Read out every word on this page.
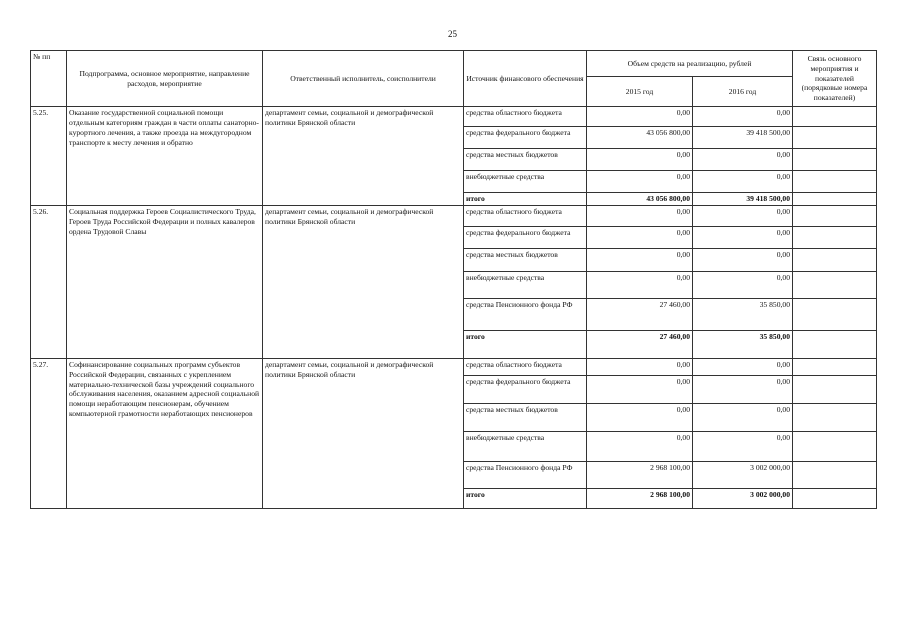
25
№ пп	Подпрограмма, основное мероприятие, направление расходов, мероприятие	Ответственный исполнитель, соисполнители	Источник финансового обеспечения	Объем средств на реализацию, рублей		Связь основного мероприятия и показателей (порядковые номера показателей)
				2015 год	2016 год	
5.25.	Оказание государственной социальной помощи отдельным категориям граждан в части оплаты санаторно-курортного лечения, а также проезда на междугородном транспорте к месту лечения и обратно	департамент семьи, социальной и демографической политики Брянской области	средства областного бюджета	0,00	0,00	
			средства федерального бюджета	43 056 800,00	39 418 500,00	
			средства местных бюджетов	0,00	0,00	
			внебюджетные средства	0,00	0,00	
			итого	43 056 800,00	39 418 500,00	
5.26.	Социальная поддержка Героев Социалистического Труда, Героев Труда Российской Федерации и полных кавалеров ордена Трудовой Славы	департамент семьи, социальной и демографической политики Брянской области	средства областного бюджета	0,00	0,00	
			средства федерального бюджета	0,00	0,00	
			средства местных бюджетов	0,00	0,00	
			внебюджетные средства	0,00	0,00	
			средства Пенсионного фонда РФ	27 460,00	35 850,00	
			итого	27 460,00	35 850,00	
5.27.	Софинансирование социальных программ субъектов Российской Федерации, связанных с укреплением материально-технической базы учреждений социального обслуживания населения, оказанием адресной социальной помощи неработающим пенсионерам, обучением компьютерной грамотности неработающих пенсионеров	департамент семьи, социальной и демографической политики Брянской области	средства областного бюджета	0,00	0,00	
			средства федерального бюджета	0,00	0,00	
			средства местных бюджетов	0,00	0,00	
			внебюджетные средства	0,00	0,00	
			средства Пенсионного фонда РФ	2 968 100,00	3 002 000,00	
			итого	2 968 100,00	3 002 000,00	
